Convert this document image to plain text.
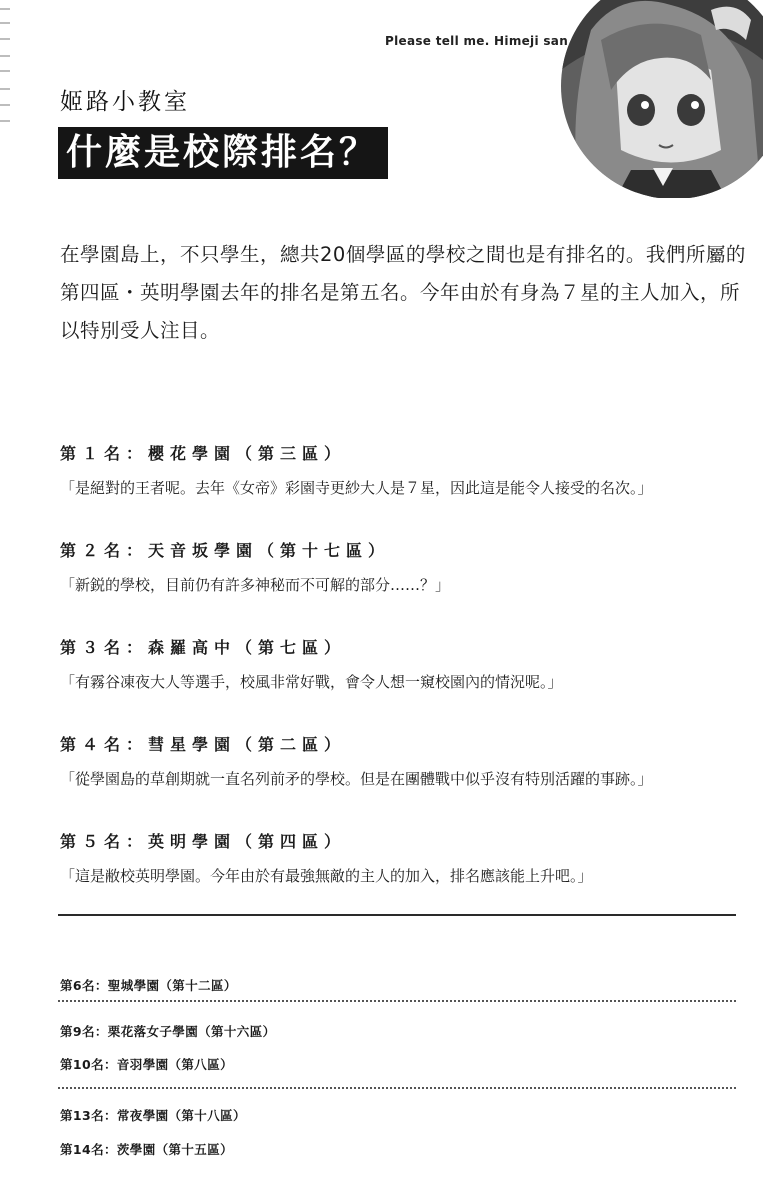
Please tell me. Himeji san
姬路小教室
什麼是校際排名？
在學園島上，不只學生，總共20個學區的學校之間也是有排名的。我們所屬的第四區・英明學園去年的排名是第五名。今年由於有身為７星的主人加入，所以特別受人注目。
第１名：櫻花學園（第三區）
「是絕對的王者呢。去年《女帝》彩園寺更紗大人是７星，因此這是能令人接受的名次。」
第２名：天音坂學園（第十七區）
「新鋭的學校，目前仍有許多神秘而不可解的部分……？」
第３名：森羅高中（第七區）
「有霧谷凍夜大人等選手，校風非常好戰，會令人想一窺校園內的情況呢。」
第４名：彗星學園（第二區）
「從學園島的草創期就一直名列前矛的學校。但是在團體戰中似乎沒有特別活躍的事跡。」
第５名：英明學園（第四區）
「這是敝校英明學園。今年由於有最強無敵的主人的加入，排名應該能上升吧。」
第6名：聖城學園（第十二區）
第9名：栗花落女子學園（第十六區）
第10名：音羽學園（第八區）
第13名：常夜學園（第十八區）
第14名：茨學園（第十五區）
